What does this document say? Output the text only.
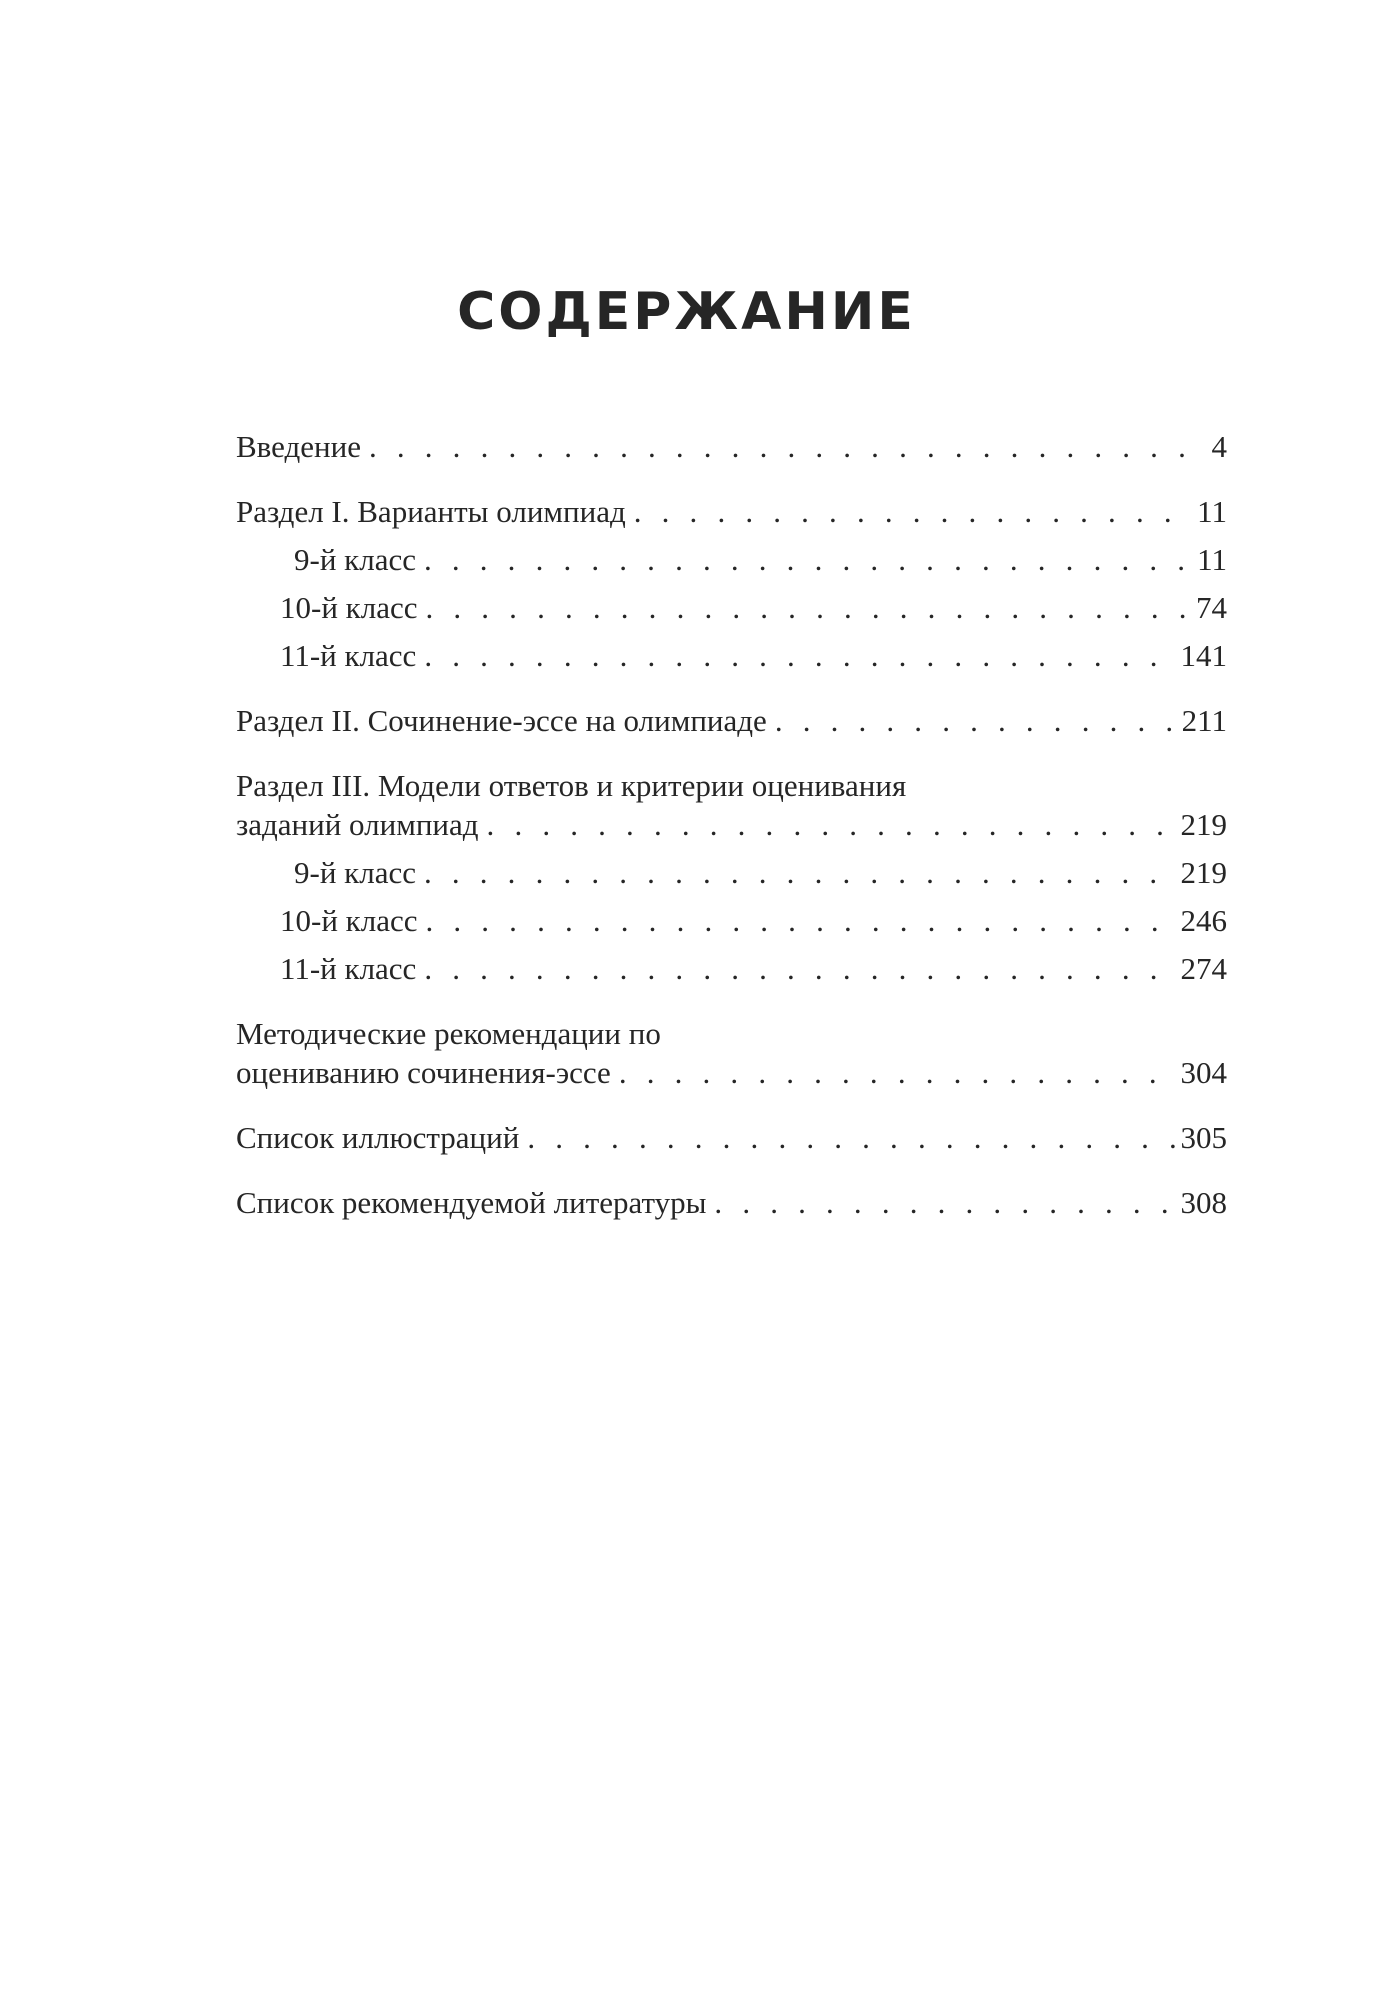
СОДЕРЖАНИЕ
Введение . . .	4
Раздел I. Варианты олимпиад . . .	11
9-й класс . . .	11
10-й класс . . .	74
11-й класс . . .	141
Раздел II. Сочинение-эссе на олимпиаде . . .	211
Раздел III. Модели ответов и критерии оценивания
заданий олимпиад . . .	219
9-й класс . . .	219
10-й класс . . .	246
11-й класс . . .	274
Методические рекомендации по
оцениванию сочинения-эссе . . .	304
Список иллюстраций . . .	305
Список рекомендуемой литературы . . .	308
